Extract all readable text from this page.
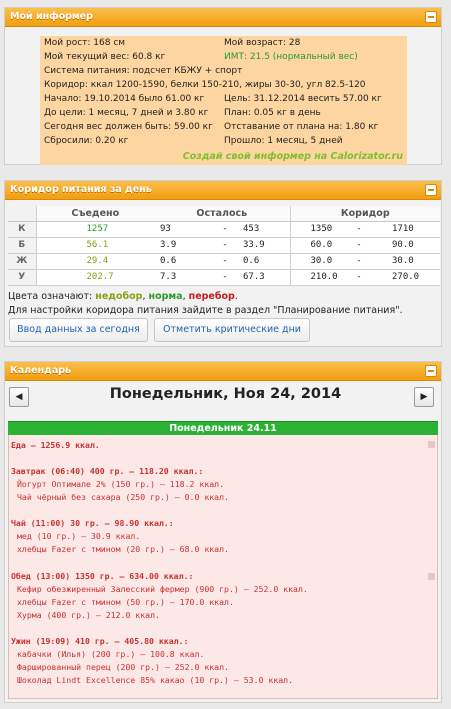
Мой информер
Мой рост: 168 см	Мой возраст: 28
Мой текущий вес: 60.8 кг	ИМТ: 21.5 (нормальный вес)
Система питания: подсчет КБЖУ + спорт
Коридор: ккал 1200-1590, белки 150-210, жиры 30-30, угл 82.5-120
Начало: 19.10.2014 было 61.00 кг Цель: 31.12.2014 весить 57.00 кг
До цели: 1 месяц, 7 дней и 3.80 кг План: 0.05 кг в день
Сегодня вес должен быть: 59.00 кг Отставание от плана на: 1.80 кг
Сбросили: 0.20 кг	Прошло: 1 месяц, 5 дней
Создай свой информер на Calorizator.ru
Коридор питания за день
	Съедено	Осталось			Коридор		
К	1257	93	-	453	1350	-	1710
Б	56.1	3.9	-	33.9	60.0	-	90.0
Ж	29.4	0.6	-	0.6	30.0	-	30.0
У	202.7	7.3	-	67.3	210.0	-	270.0
Цвета означают: недобор, норма, перебор.
Для настройки коридора питания зайдите в раздел "Планирование питания".
Ввод данных за сегодня	Отметить критические дни
Календарь
◀	▶
Понедельник, Ноя 24, 2014
Понедельник 24.11
Еда — 1256.9 ккал.
Завтрак (06:40) 400 гр. — 118.20 ккал.:
Йогурт Оптимале 2% (150 гр.) — 118.2 ккал.
Чай чёрный без сахара (250 гр.) — 0.0 ккал.
Чай (11:00) 30 гр. — 98.90 ккал.:
мед (10 гр.) — 30.9 ккал.
хлебцы Fazer с тмином (20 гр.) — 68.0 ккал.
Обед (13:00) 1350 гр. — 634.00 ккал.:
Кефир обезжиренный Залесский фермер (900 гр.) — 252.0 ккал.
хлебцы Fazer с тмином (50 гр.) — 170.0 ккал.
Хурма (400 гр.) — 212.0 ккал.
Ужин (19:09) 410 гр. — 405.80 ккал.:
кабачки (Илья) (200 гр.) — 100.8 ккал.
Фаршированный перец (200 гр.) — 252.0 ккал.
Шоколад Lindt Excellence 85% какао (10 гр.) — 53.0 ккал.
